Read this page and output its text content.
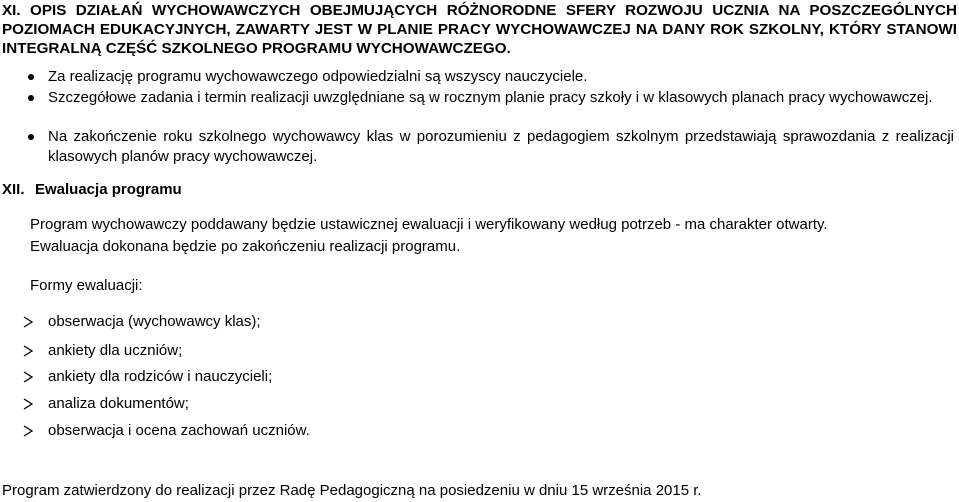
XI. OPIS DZIAŁAŃ WYCHOWAWCZYCH OBEJMUJĄCYCH RÓŻNORODNE SFERY ROZWOJU UCZNIA NA POSZCZEGÓLNYCH POZIOMACH EDUKACYJNYCH, ZAWARTY JEST W PLANIE PRACY WYCHOWAWCZEJ NA DANY ROK SZKOLNY, KTÓRY STANOWI INTEGRALNĄ CZĘŚĆ SZKOLNEGO PROGRAMU WYCHOWAWCZEGO.
Za realizację programu wychowawczego odpowiedzialni są wszyscy nauczyciele.
Szczegółowe zadania i termin realizacji uwzględniane są w rocznym planie pracy szkoły i w klasowych planach pracy wychowawczej.
Na zakończenie roku szkolnego wychowawcy klas w porozumieniu z pedagogiem szkolnym przedstawiają sprawozdania z realizacji klasowych planów pracy wychowawczej.
XII. Ewaluacja programu
Program wychowawczy poddawany będzie ustawicznej ewaluacji i weryfikowany według potrzeb - ma charakter otwarty.
Ewaluacja dokonana będzie po zakończeniu realizacji programu.
Formy ewaluacji:
obserwacja (wychowawcy klas);
ankiety dla uczniów;
ankiety dla rodziców i nauczycieli;
analiza dokumentów;
obserwacja i ocena zachowań uczniów.
Program zatwierdzony do realizacji przez Radę Pedagogiczną na posiedzeniu w dniu 15 września 2015 r.
